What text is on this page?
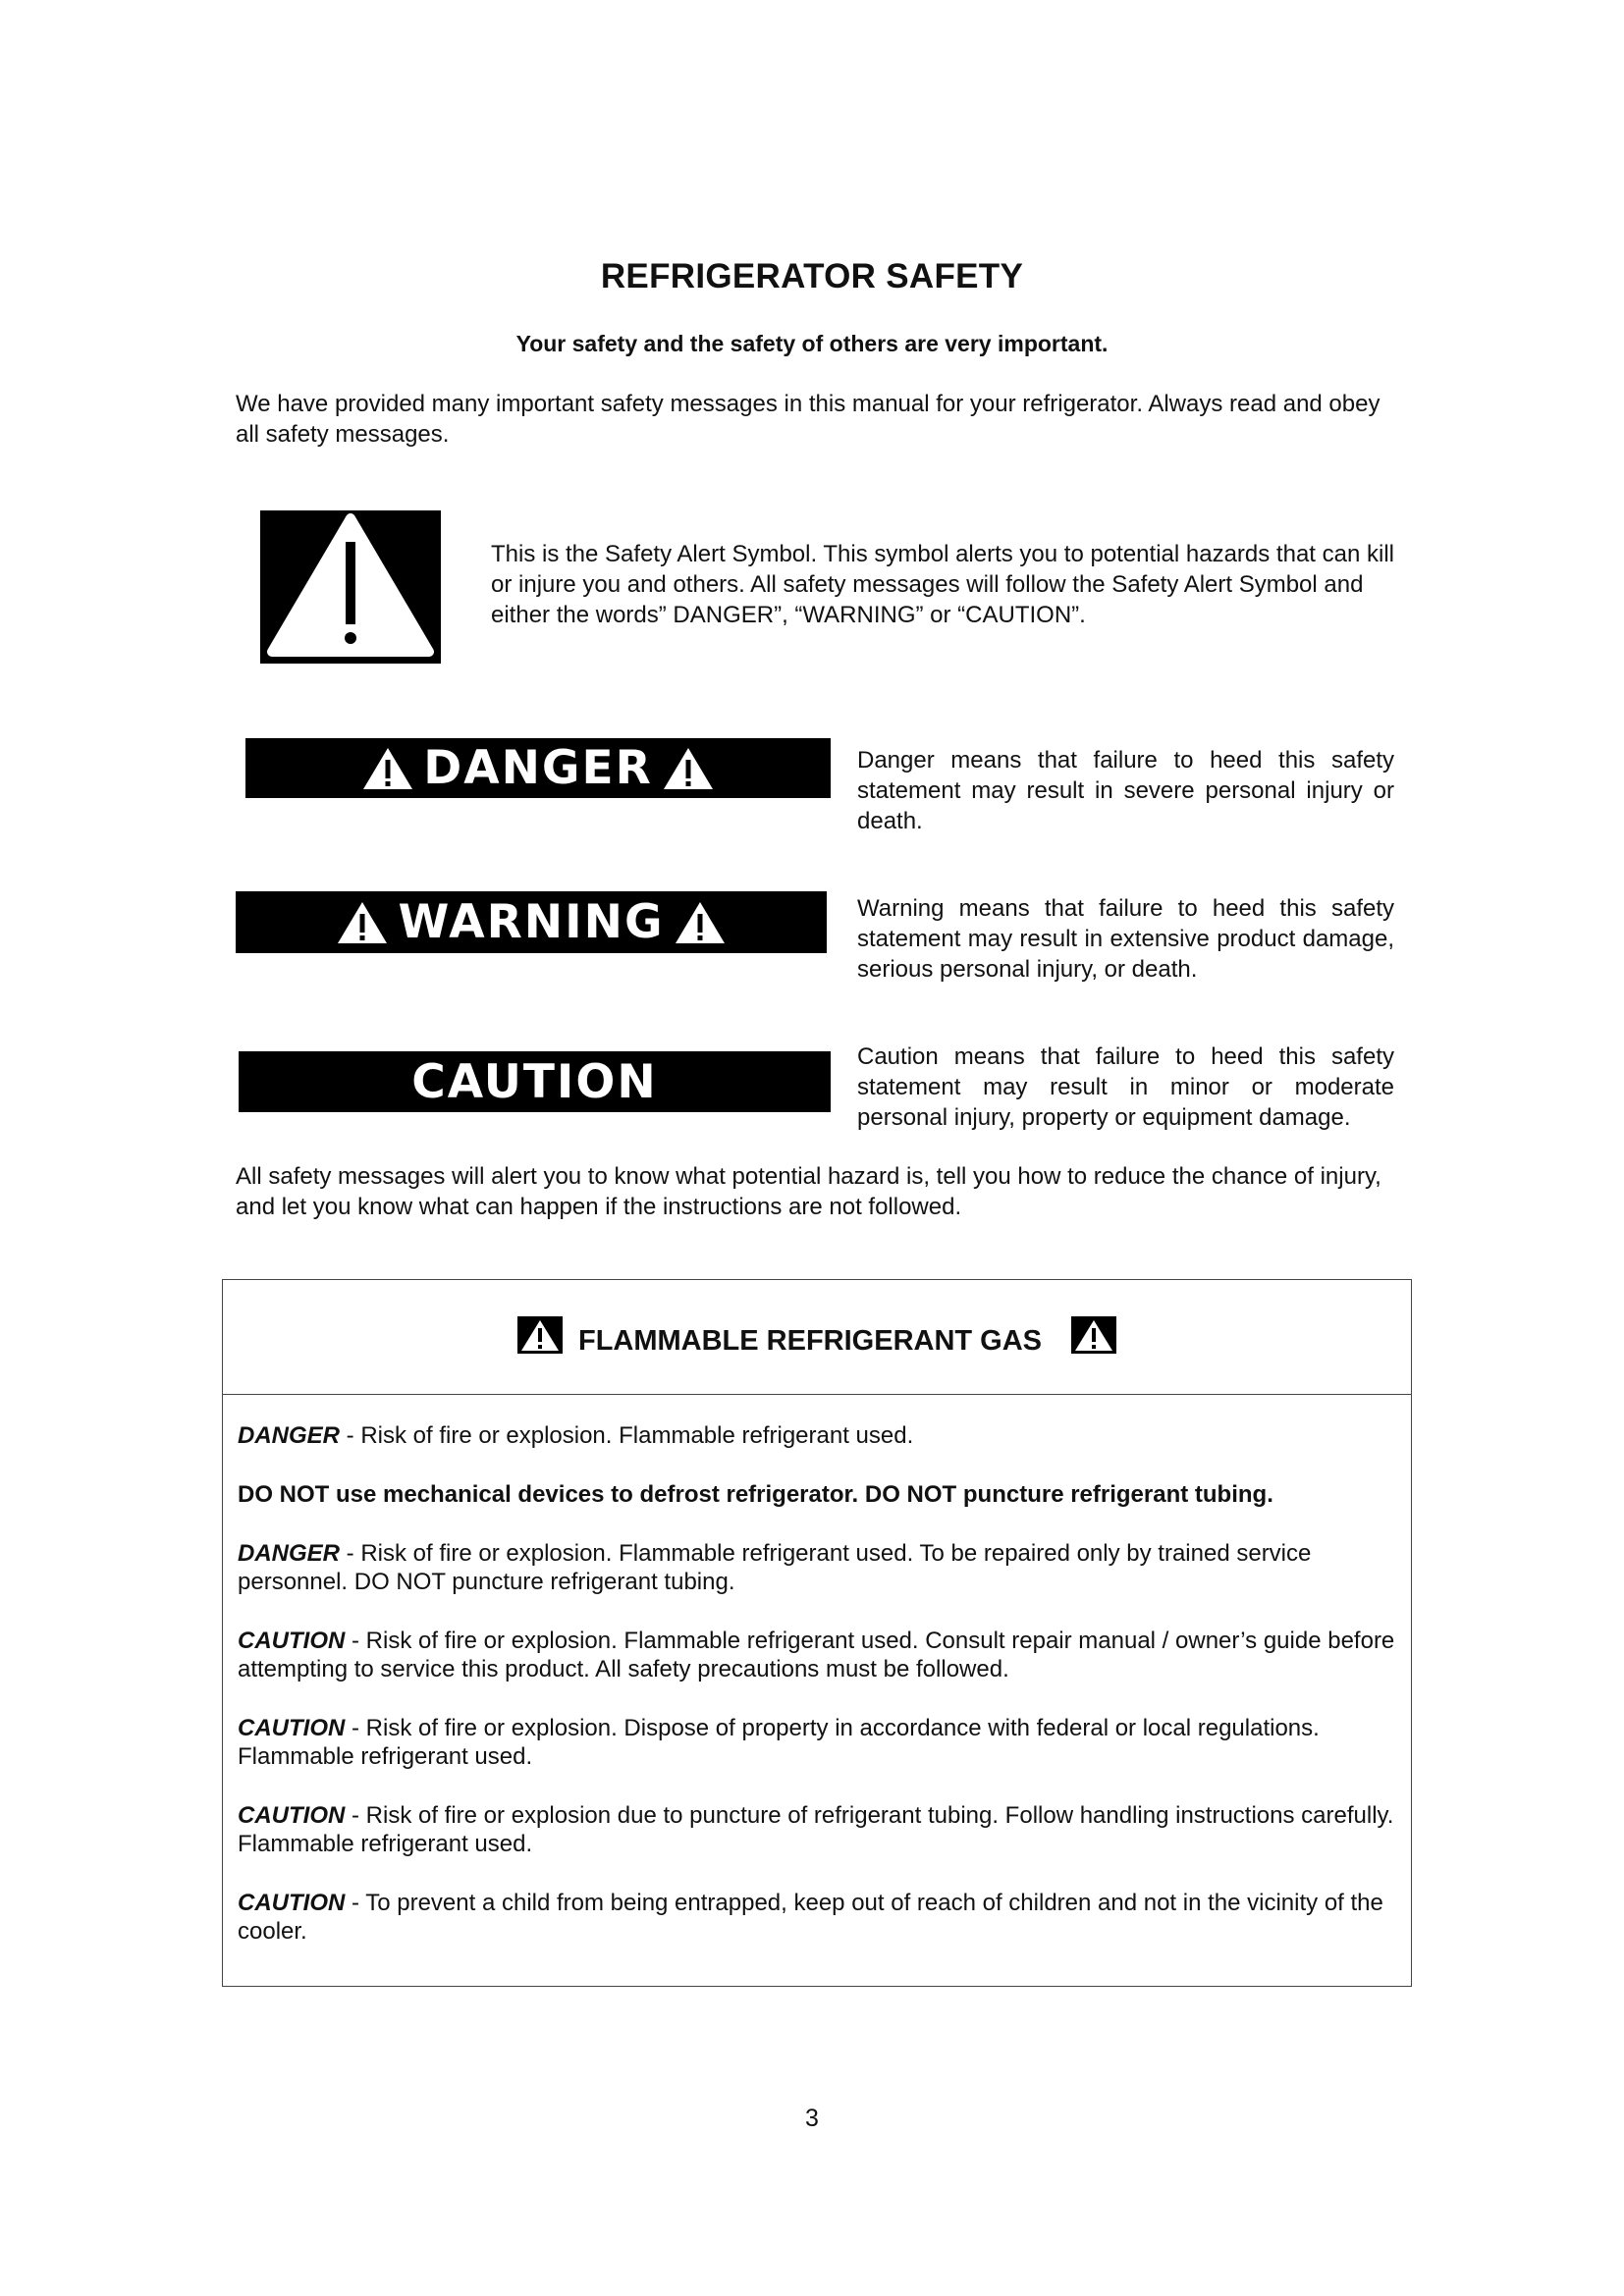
REFRIGERATOR SAFETY
Your safety and the safety of others are very important.
We have provided many important safety messages in this manual for your refrigerator. Always read and obey all safety messages.
This is the Safety Alert Symbol. This symbol alerts you to potential hazards that can kill or injure you and others. All safety messages will follow the Safety Alert Symbol and either the words” DANGER”, “WARNING” or “CAUTION”.
DANGER	Danger means that failure to heed this safety statement may result in severe personal injury or death.
WARNING	Warning means that failure to heed this safety statement may result in extensive product damage, serious personal injury, or death.
CAUTION	Caution means that failure to heed this safety statement may result in minor or moderate personal injury, property or equipment damage.
All safety messages will alert you to know what potential hazard is, tell you how to reduce the chance of injury, and let you know what can happen if the instructions are not followed.
FLAMMABLE REFRIGERANT GAS

DANGER - Risk of fire or explosion. Flammable refrigerant used.

DO NOT use mechanical devices to defrost refrigerator. DO NOT puncture refrigerant tubing.

DANGER - Risk of fire or explosion. Flammable refrigerant used. To be repaired only by trained service personnel. DO NOT puncture refrigerant tubing.

CAUTION - Risk of fire or explosion. Flammable refrigerant used. Consult repair manual / owner’s guide before attempting to service this product. All safety precautions must be followed.

CAUTION - Risk of fire or explosion. Dispose of property in accordance with federal or local regulations. Flammable refrigerant used.

CAUTION - Risk of fire or explosion due to puncture of refrigerant tubing. Follow handling instructions carefully. Flammable refrigerant used.

CAUTION - To prevent a child from being entrapped, keep out of reach of children and not in the vicinity of the cooler.

3
